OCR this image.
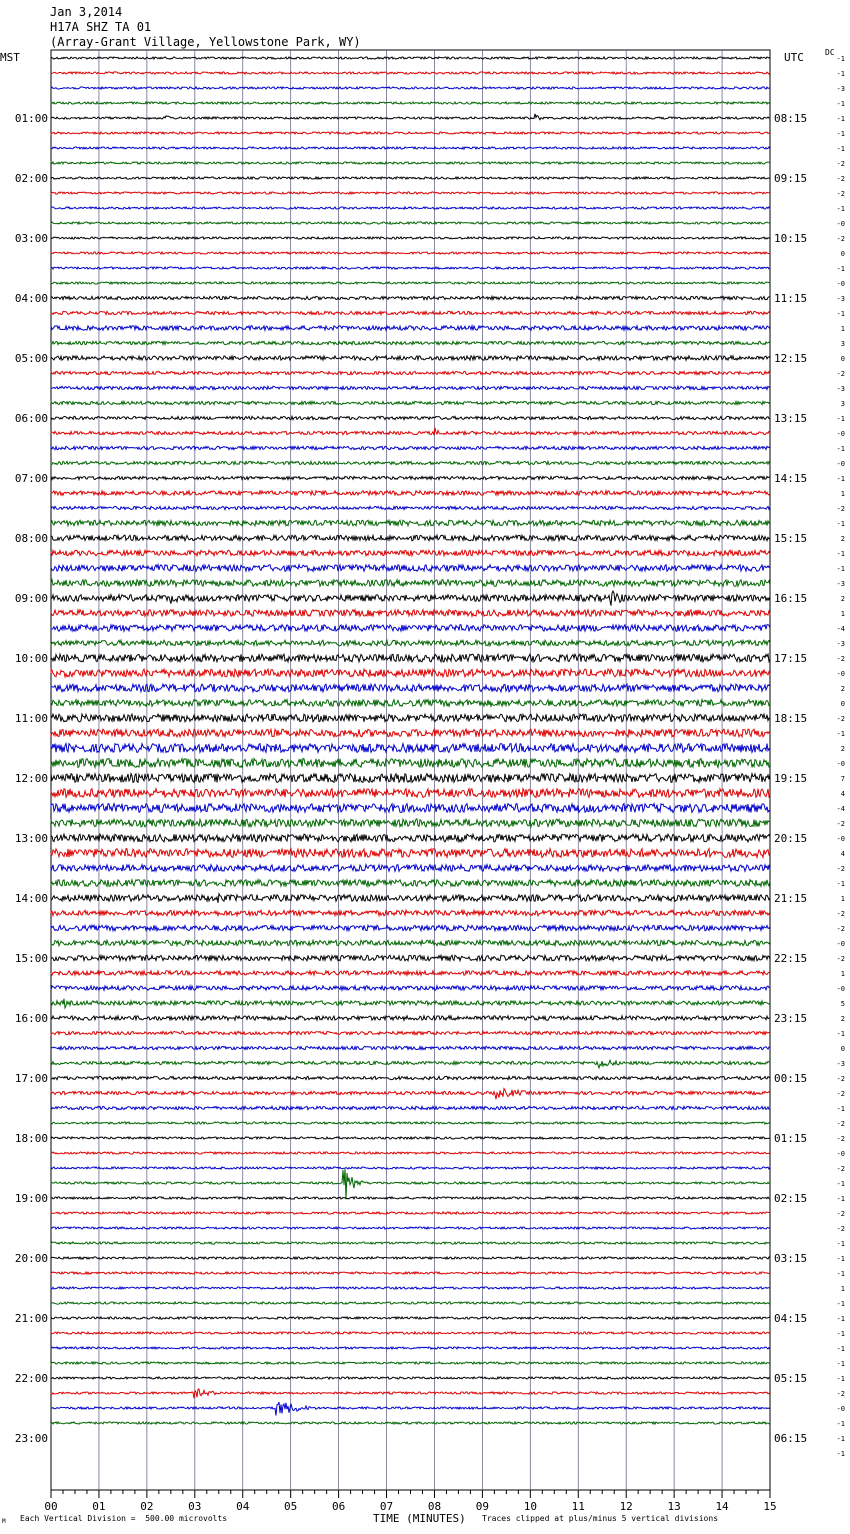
Jan 3,2014
H17A SHZ TA 01
(Array-Grant Village, Yellowstone Park, WY)
MST	UTC	DC
01:00
02:00
03:00
04:00
05:00
06:00
07:00
08:00
09:00
10:00
11:00
12:00
13:00
14:00
15:00
16:00
17:00
18:00
19:00
20:00
21:00
22:00
23:00
08:15
09:15
10:15
11:15
12:15
13:15
14:15
15:15
16:15
17:15
18:15
19:15
20:15
21:15
22:15
23:15
00:15
01:15
02:15
03:15
04:15
05:15
06:15
-1
-1
-3
-1
-1
-1
-1
-2
-2
-2
-1
-0
-2
0
-1
-0
-3
-1
1
3
0
-2
-3
3
-1
-0
-1
-0
-1
1
-2
-1
2
-1
-1
-3
2
1
-4
-3
-2
-0
2
0
-2
-1
2
-0
7
4
-4
-2
-0
4
-2
-1
1
-2
-2
-0
-2
1
-0
5
2
-1
0
-3
-2
-2
-1
-2
-2
-0
-2
-1
-1
-2
-2
-1
-1
-1
1
-1
-1
-1
-1
-1
-1
-2
-0
-1
-1
-1
00	01	02	03	04	05	06	07	08	09	10	11	12	13	14	15
M Each Vertical Division =  500.00 microvolts	TIME (MINUTES) Traces clipped at plus/minus 5 vertical divisions
